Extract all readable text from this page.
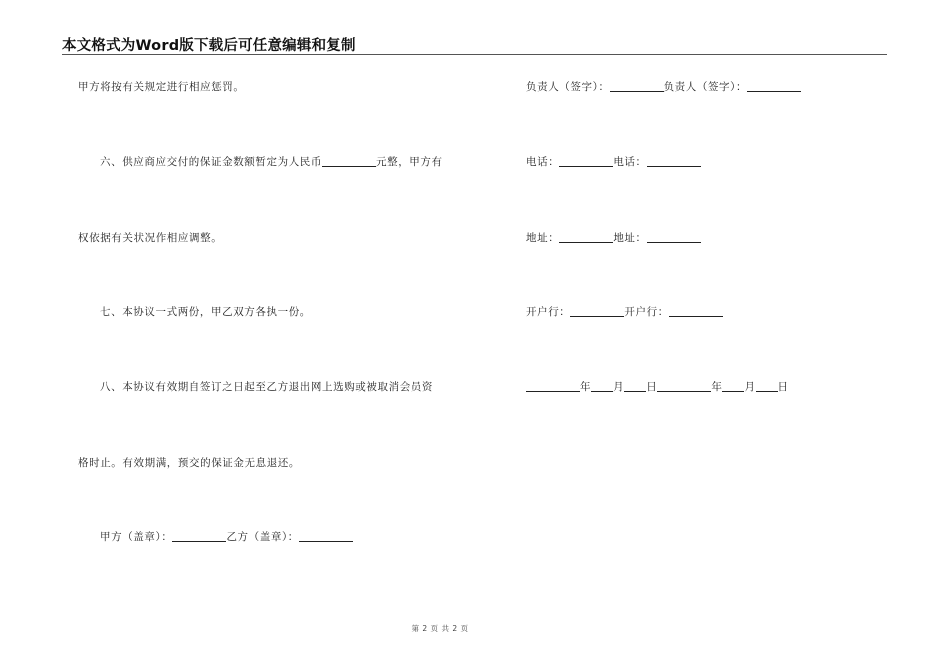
本文格式为Word版下载后可任意编辑和复制
甲方将按有关规定进行相应惩罚。
六、供应商应交付的保证金数额暂定为人民币	元整，甲方有
权依据有关状况作相应调整。
七、本协议一式两份，甲乙双方各执一份。
八、本协议有效期自签订之日起至乙方退出网上选购或被取消会员资
格时止。有效期满，预交的保证金无息退还。
甲方（盖章）：	乙方（盖章）：
负责人（签字）：	负责人（签字）：
电话：	电话：
地址：	地址：
开户行：	开户行：
年 月 日	年 月 日
第 2 页 共 2 页
